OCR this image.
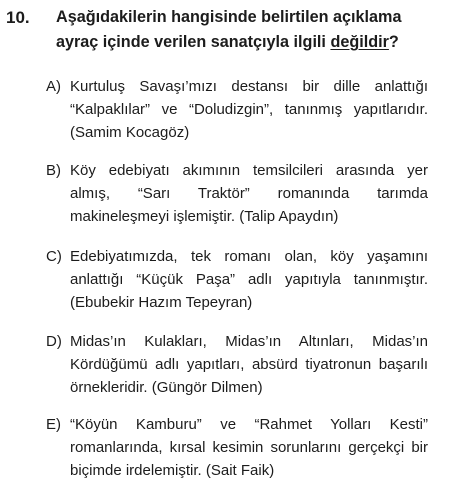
10. Aşağıdakilerin hangisinde belirtilen açıklama ayraç içinde verilen sanatçıyla ilgili değildir?
A) Kurtuluş Savaşı’mızı destansı bir dille anlattığı “Kalpaklılar” ve “Doludizgin”, tanınmış yapıtlarıdır. (Samim Kocagöz)
B) Köy edebiyatı akımının temsilcileri arasında yer almış, “Sarı Traktör” romanında tarımda makineleşmeyi işlemiştir. (Talip Apaydın)
C) Edebiyatımızda, tek romanı olan, köy yaşamını anlattığı “Küçük Paşa” adlı yapıtıyla tanınmıştır. (Ebubekir Hazım Tepeyran)
D) Midas’ın Kulakları, Midas’ın Altınları, Midas’ın Kördüğümü adlı yapıtları, absürd tiyatronun başarılı örnekleridir. (Güngör Dilmen)
E) “Köyün Kamburu” ve “Rahmet Yolları Kesti” romanlarında, kırsal kesimin sorunlarını gerçekçi bir biçimde irdelemiştir. (Sait Faik)
